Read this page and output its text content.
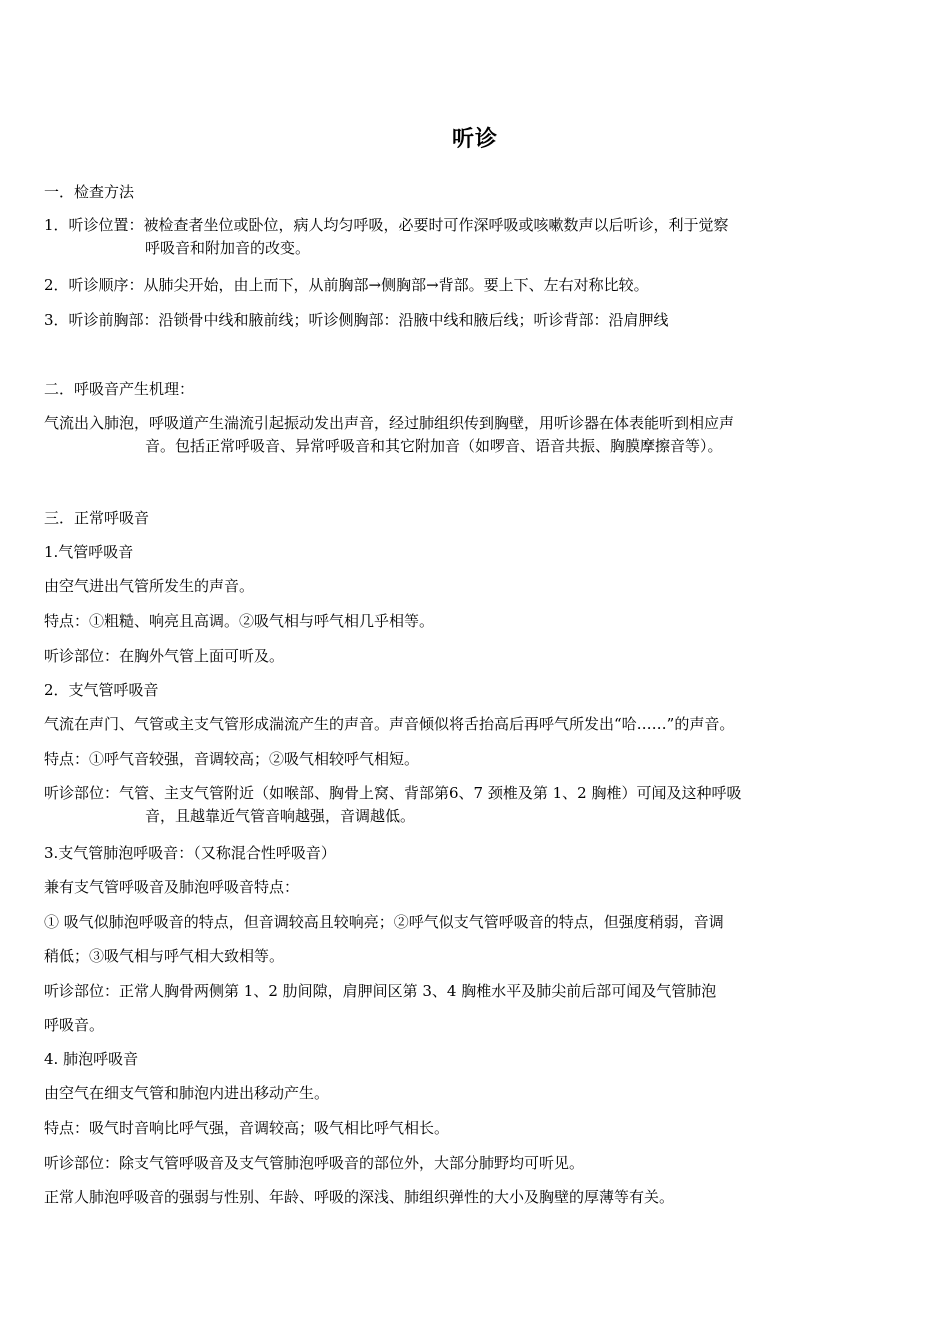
听诊
一．检查方法
1．听诊位置：被检查者坐位或卧位，病人均匀呼吸，必要时可作深呼吸或咳嗽数声以后听诊，利于觉察
呼吸音和附加音的改变。
2．听诊顺序：从肺尖开始，由上而下，从前胸部→侧胸部→背部。要上下、左右对称比较。
3．听诊前胸部：沿锁骨中线和腋前线；听诊侧胸部：沿腋中线和腋后线；听诊背部：沿肩胛线
二．呼吸音产生机理：
气流出入肺泡，呼吸道产生湍流引起振动发出声音，经过肺组织传到胸壁，用听诊器在体表能听到相应声
音。包括正常呼吸音、异常呼吸音和其它附加音（如啰音、语音共振、胸膜摩擦音等）。
三．正常呼吸音
1.气管呼吸音
由空气进出气管所发生的声音。
特点：①粗糙、响亮且高调。②吸气相与呼气相几乎相等。
听诊部位：在胸外气管上面可听及。
2．支气管呼吸音
气流在声门、气管或主支气管形成湍流产生的声音。声音倾似将舌抬高后再呼气所发出“哈……”的声音。
特点：①呼气音较强，音调较高；②吸气相较呼气相短。
听诊部位：气管、主支气管附近（如喉部、胸骨上窝、背部第6、7 颈椎及第 1、2 胸椎）可闻及这种呼吸
音，且越靠近气管音响越强，音调越低。
3.支气管肺泡呼吸音：（又称混合性呼吸音）
兼有支气管呼吸音及肺泡呼吸音特点：
① 吸气似肺泡呼吸音的特点，但音调较高且较响亮；②呼气似支气管呼吸音的特点，但强度稍弱，音调
稍低；③吸气相与呼气相大致相等。
听诊部位：正常人胸骨两侧第 1、2 肋间隙，肩胛间区第 3、4 胸椎水平及肺尖前后部可闻及气管肺泡
呼吸音。
4. 肺泡呼吸音
由空气在细支气管和肺泡内进出移动产生。
特点：吸气时音响比呼气强，音调较高；吸气相比呼气相长。
听诊部位：除支气管呼吸音及支气管肺泡呼吸音的部位外，大部分肺野均可听见。
正常人肺泡呼吸音的强弱与性别、年龄、呼吸的深浅、肺组织弹性的大小及胸壁的厚薄等有关。
